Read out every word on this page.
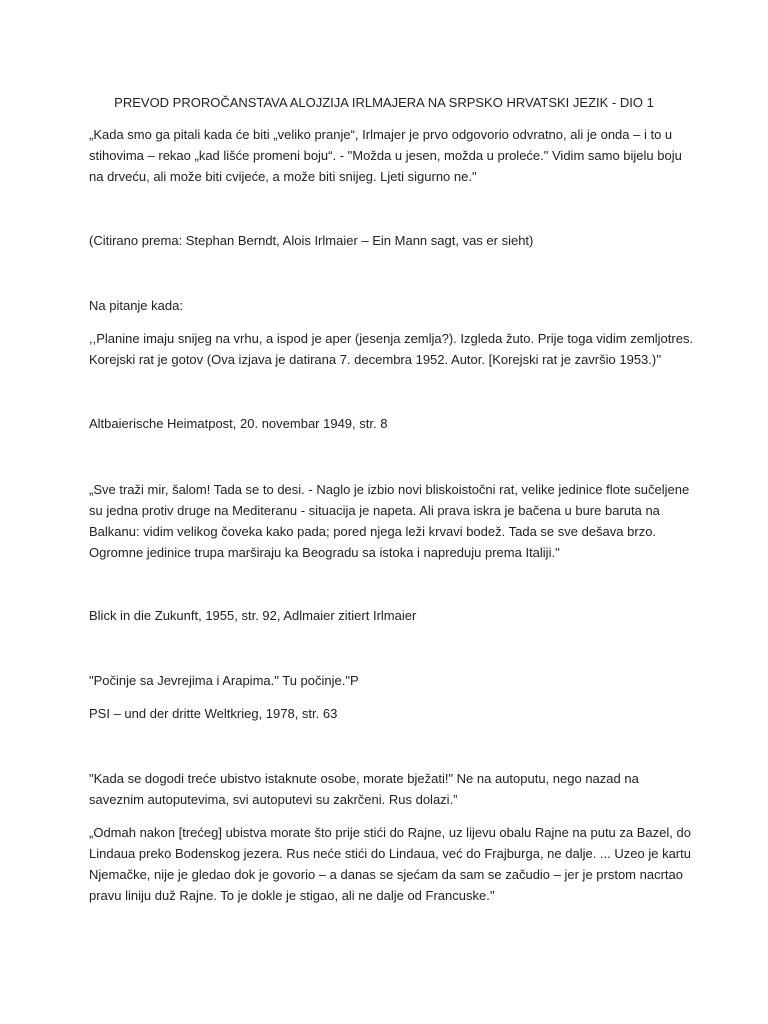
PREVOD PROROČANSTAVA ALOJZIJA IRLMAJERA NA SRPSKO HRVATSKI JEZIK - DIO 1
„Kada smo ga pitali kada će biti „veliko pranje“, Irlmajer je prvo odgovorio odvratno, ali je onda – i to u
stihovima – rekao „kad lišće promeni boju“. - "Možda u jesen, možda u proleće." Vidim samo bijelu boju
na drveću, ali može biti cvijeće, a može biti snijeg. Ljeti sigurno ne."
(Citirano prema: Stephan Berndt, Alois Irlmaier – Ein Mann sagt, vas er sieht)
Na pitanje kada:
,,Planine imaju snijeg na vrhu, a ispod je aper (jesenja zemlja?). Izgleda žuto. Prije toga vidim zemljotres.
Korejski rat je gotov (Ova izjava je datirana 7. decembra 1952. Autor. [Korejski rat je završio 1953.)''
Altbaierische Heimatpost, 20. novembar 1949, str. 8
„Sve traži mir, šalom! Tada se to desi. - Naglo je izbio novi bliskoistočni rat, velike jedinice flote sučeljene
su jedna protiv druge na Mediteranu - situacija je napeta. Ali prava iskra je bačena u bure baruta na
Balkanu: vidim velikog čoveka kako pada; pored njega leži krvavi bodež. Tada se sve dešava brzo.
Ogromne jedinice trupa marširaju ka Beogradu sa istoka i napreduju prema Italiji."
Blick in die Zukunft, 1955, str. 92, Adlmaier zitiert Irlmaier
"Počinje sa Jevrejima i Arapima." Tu počinje."P
PSI – und der dritte Weltkrieg, 1978, str. 63
"Kada se dogodi treće ubistvo istaknute osobe, morate bježati!" Ne na autoputu, nego nazad na
saveznim autoputevima, svi autoputevi su zakrčeni. Rus dolazi.”
„Odmah nakon [trećeg] ubistva morate što prije stići do Rajne, uz lijevu obalu Rajne na putu za Bazel, do
Lindaua preko Bodenskog jezera. Rus neće stići do Lindaua, već do Frajburga, ne dalje. ... Uzeo je kartu
Njemačke, nije je gledao dok je govorio – a danas se sjećam da sam se začudio – jer je prstom nacrtao
pravu liniju duž Rajne. To je dokle je stigao, ali ne dalje od Francuske.''
